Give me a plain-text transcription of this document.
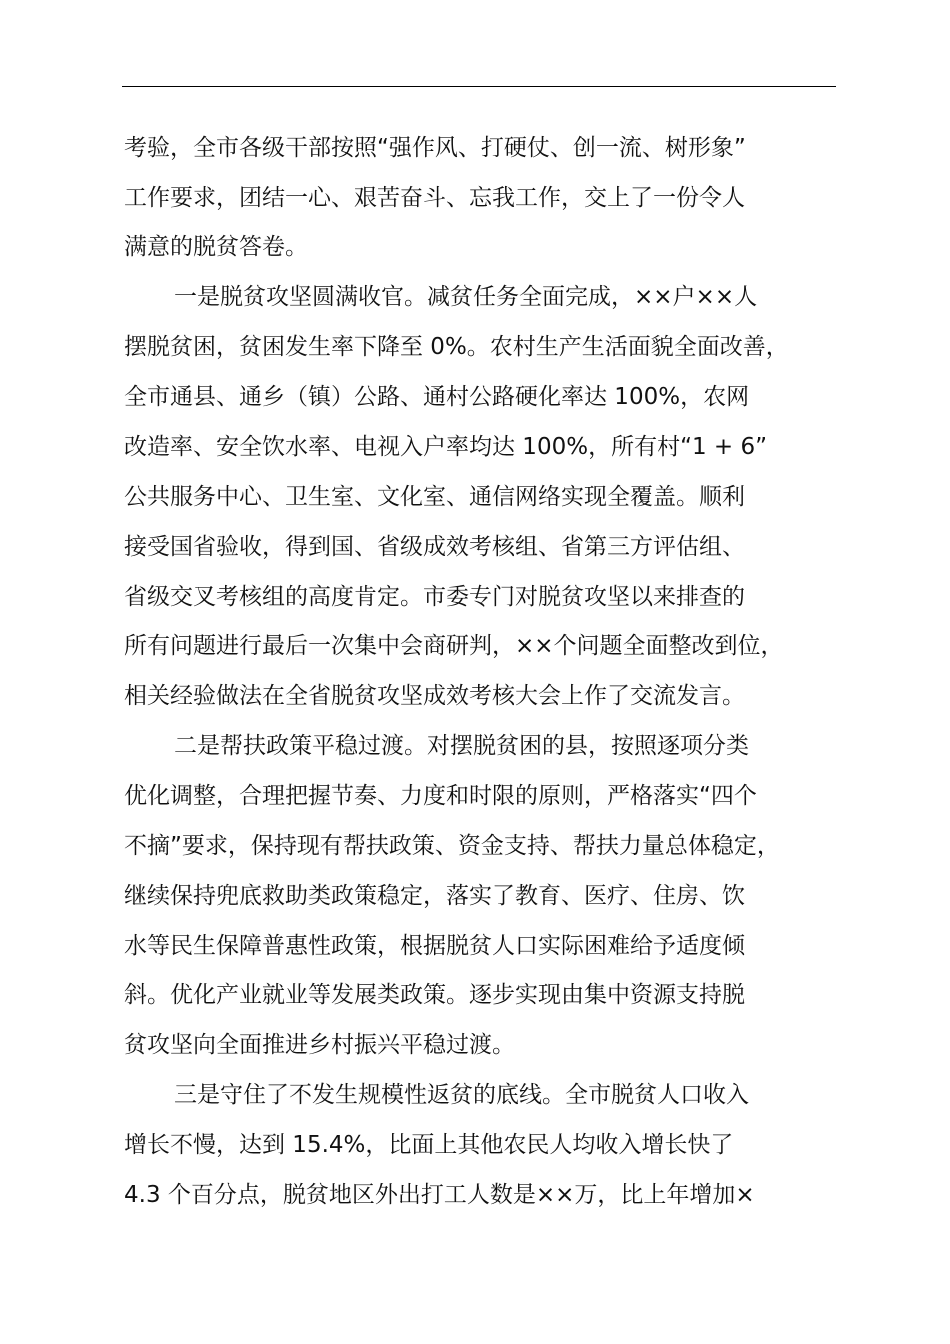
考验，全市各级干部按照“强作风、打硬仗、创一流、树形象”
工作要求，团结一心、艰苦奋斗、忘我工作，交上了一份令人
满意的脱贫答卷。
一是脱贫攻坚圆满收官。减贫任务全面完成，××户××人
摆脱贫困，贫困发生率下降至 0%。农村生产生活面貌全面改善，
全市通县、通乡（镇）公路、通村公路硬化率达 100%，农网
改造率、安全饮水率、电视入户率均达 100%，所有村“1 + 6”
公共服务中心、卫生室、文化室、通信网络实现全覆盖。顺利
接受国省验收，得到国、省级成效考核组、省第三方评估组、
省级交叉考核组的高度肯定。市委专门对脱贫攻坚以来排查的
所有问题进行最后一次集中会商研判，××个问题全面整改到位，
相关经验做法在全省脱贫攻坚成效考核大会上作了交流发言。
二是帮扶政策平稳过渡。对摆脱贫困的县，按照逐项分类
优化调整，合理把握节奏、力度和时限的原则，严格落实“四个
不摘”要求，保持现有帮扶政策、资金支持、帮扶力量总体稳定，
继续保持兜底救助类政策稳定，落实了教育、医疗、住房、饮
水等民生保障普惠性政策，根据脱贫人口实际困难给予适度倾
斜。优化产业就业等发展类政策。逐步实现由集中资源支持脱
贫攻坚向全面推进乡村振兴平稳过渡。
三是守住了不发生规模性返贫的底线。全市脱贫人口收入
增长不慢，达到 15.4%，比面上其他农民人均收入增长快了
4.3 个百分点，脱贫地区外出打工人数是××万，比上年增加×
